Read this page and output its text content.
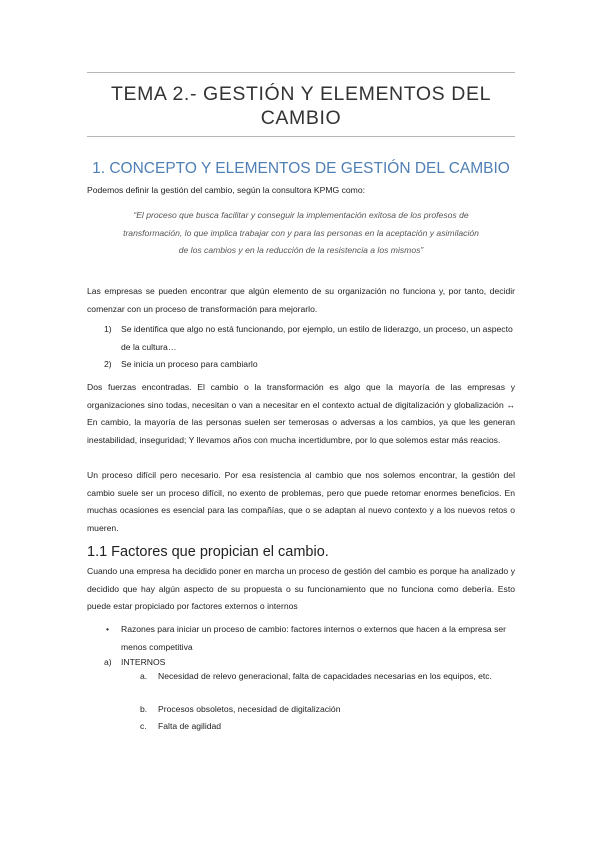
TEMA 2.- GESTIÓN Y ELEMENTOS DEL CAMBIO
1. CONCEPTO Y ELEMENTOS DE GESTIÓN DEL CAMBIO
Podemos definir la gestión del cambio, según la consultora KPMG como:
“El proceso que busca facilitar y conseguir la implementación exitosa de los profesos de transformación, lo que implica trabajar con y para las personas en la aceptación y asimilación de los cambios y en la reducción de la resistencia a los mismos”
Las empresas se pueden encontrar que algún elemento de su organización no funciona y, por tanto, decidir comenzar con un proceso de transformación para mejorarlo.
1) Se identifica que algo no está funcionando, por ejemplo, un estilo de liderazgo, un proceso, un aspecto de la cultura…
2) Se inicia un proceso para cambiarlo
Dos fuerzas encontradas. El cambio o la transformación es algo que la mayoría de las empresas y organizaciones sino todas, necesitan o van a necesitar en el contexto actual de digitalización y globalización ↔ En cambio, la mayoría de las personas suelen ser temerosas o adversas a los cambios, ya que les generan inestabilidad, inseguridad; Y llevamos años con mucha incertidumbre, por lo que solemos estar más reacios.
Un proceso difícil pero necesario. Por esa resistencia al cambio que nos solemos encontrar, la gestión del cambio suele ser un proceso difícil, no exento de problemas, pero que puede retomar enormes beneficios. En muchas ocasiones es esencial para las compañías, que o se adaptan al nuevo contexto y a los nuevos retos o mueren.
1.1 Factores que propician el cambio.
Cuando una empresa ha decidido poner en marcha un proceso de gestión del cambio es porque ha analizado y decidido que hay algún aspecto de su propuesta o su funcionamiento que no funciona como debería. Esto puede estar propiciado por factores externos o internos
• Razones para iniciar un proceso de cambio: factores internos o externos que hacen a la empresa ser menos competitiva
a) INTERNOS
a. Necesidad de relevo generacional, falta de capacidades necesarias en los equipos, etc.
b. Procesos obsoletos, necesidad de digitalización
c. Falta de agilidad
